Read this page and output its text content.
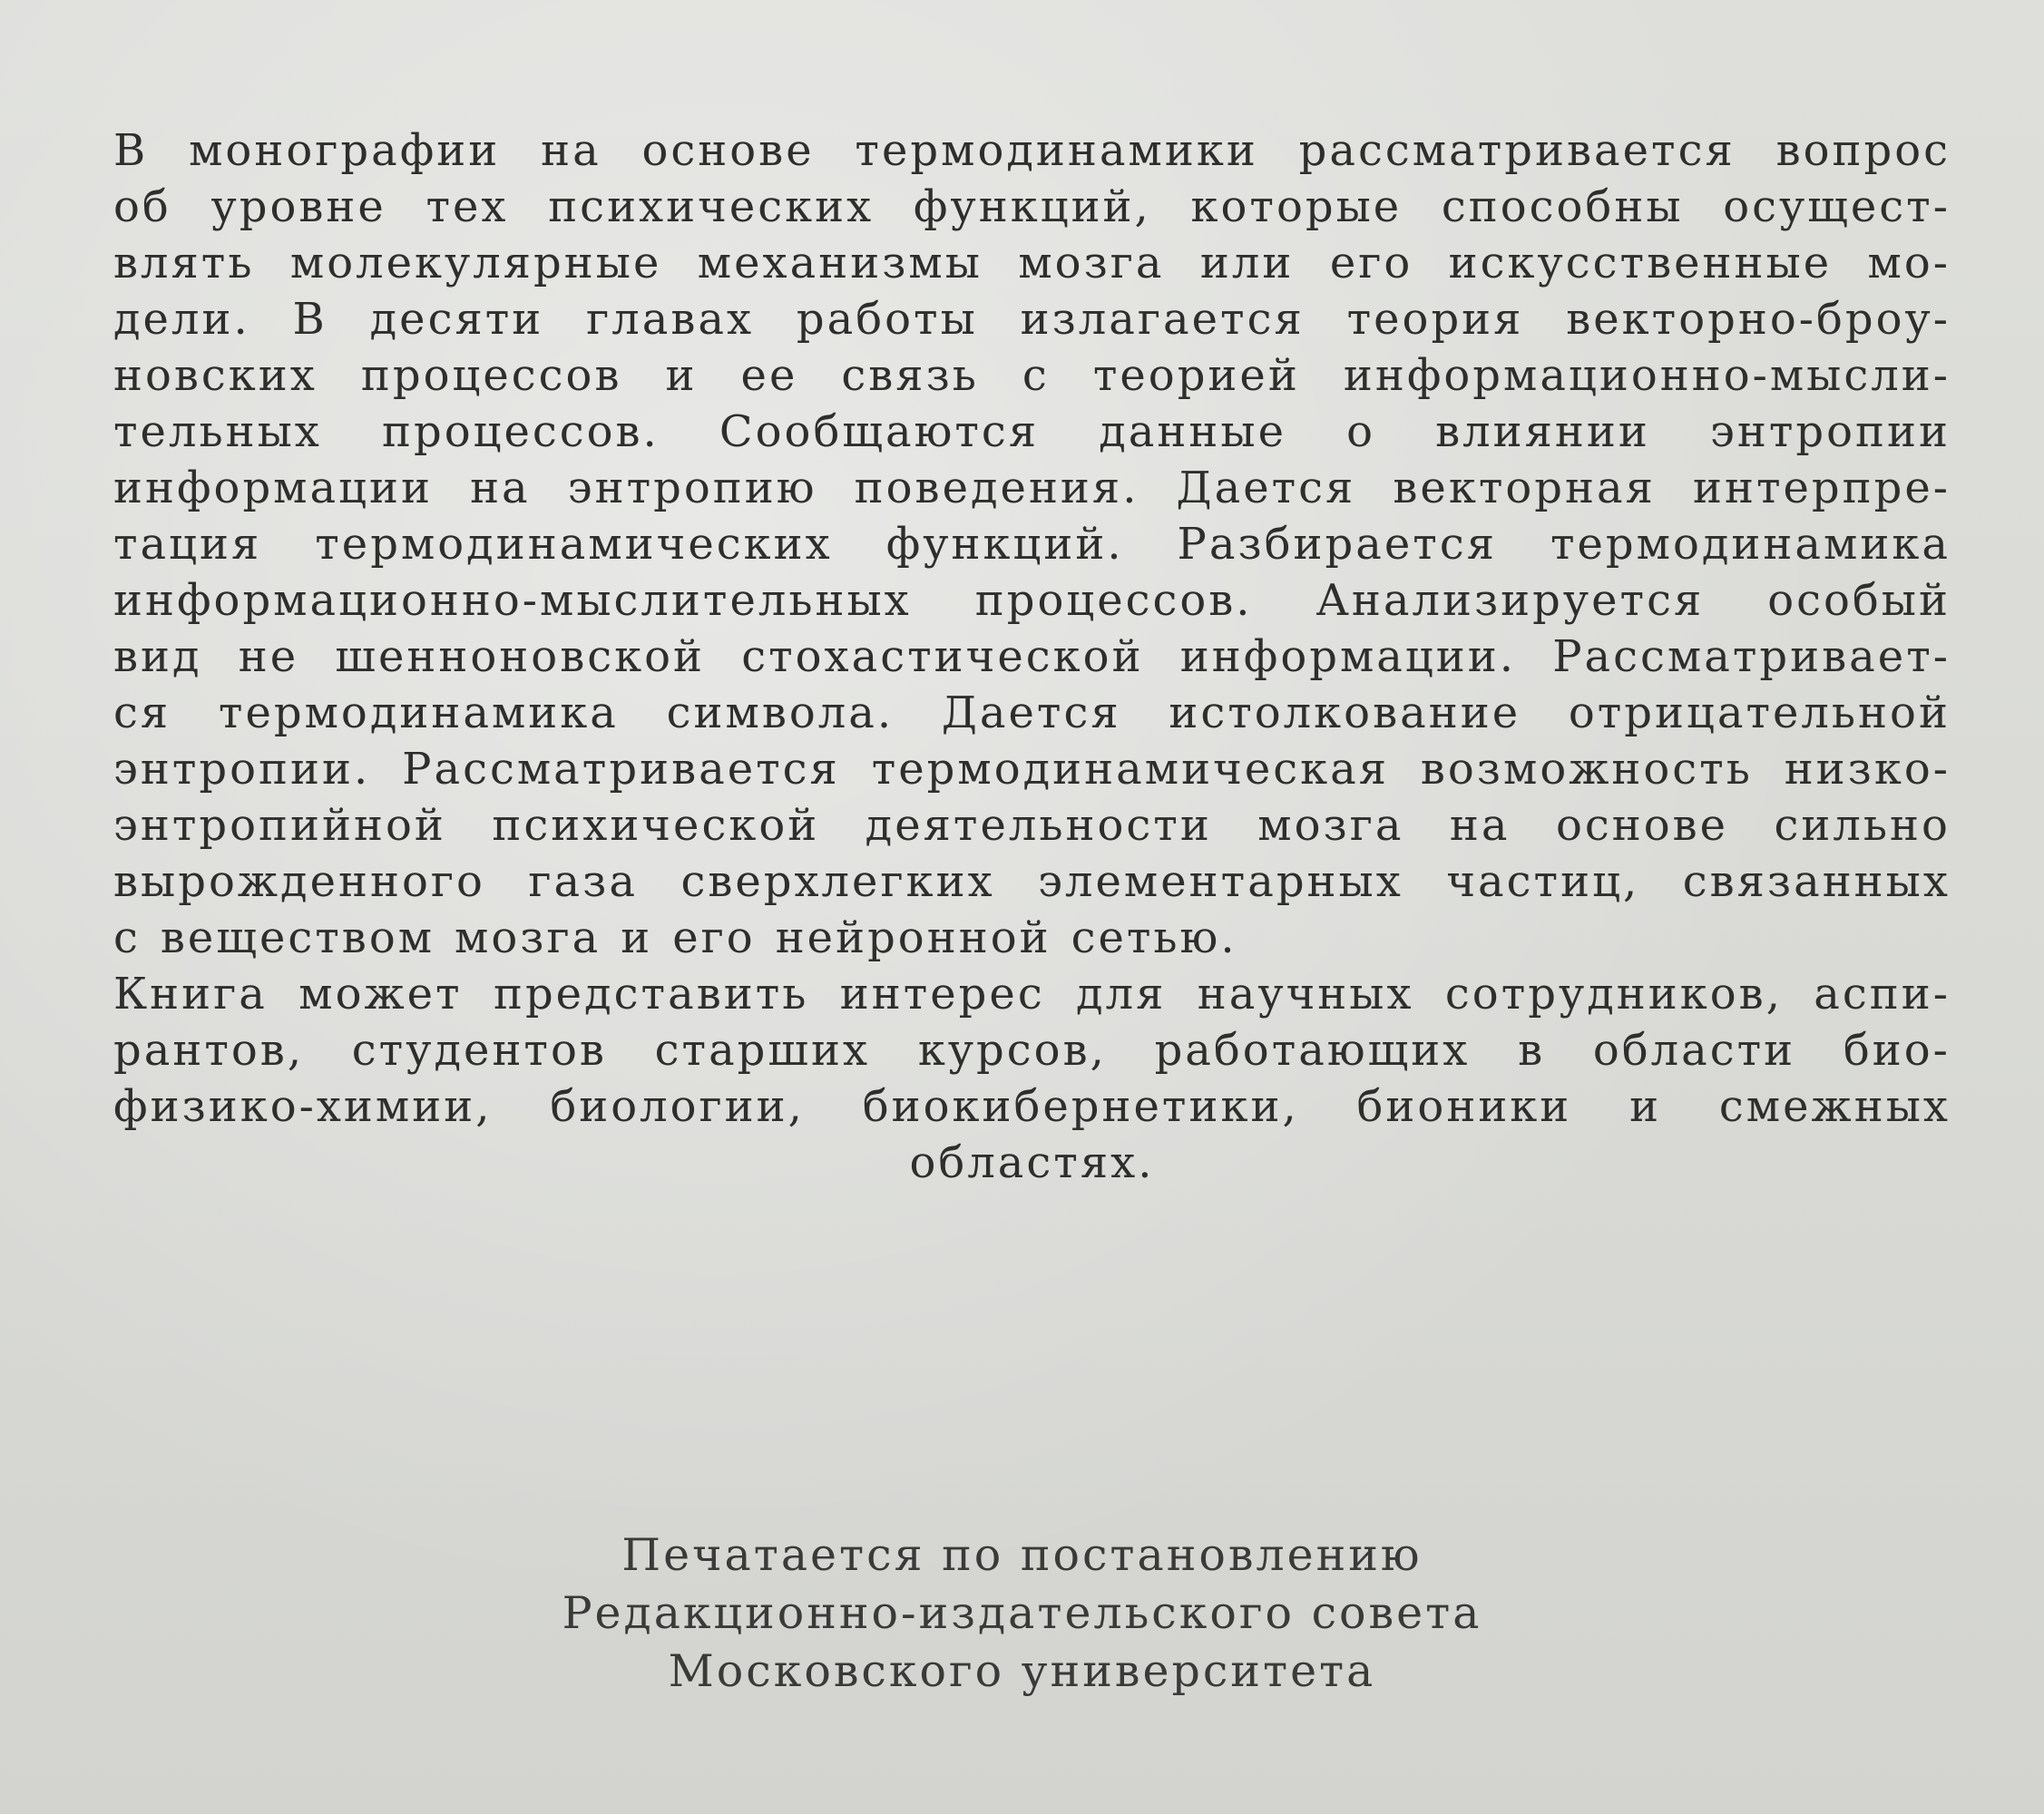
В монографии на основе термодинамики рассматривается вопрос
об уровне тех психических функций, которые способны осущест-
влять молекулярные механизмы мозга или его искусственные мо-
дели. В десяти главах работы излагается теория векторно-броу-
новских процессов и ее связь с теорией информационно-мысли-
тельных процессов. Сообщаются данные о влиянии энтропии
информации на энтропию поведения. Дается векторная интерпре-
тация термодинамических функций. Разбирается термодинамика
информационно-мыслительных процессов. Анализируется особый
вид не шенноновской стохастической информации. Рассматривает-
ся термодинамика символа. Дается истолкование отрицательной
энтропии. Рассматривается термодинамическая возможность низко-
энтропийной психической деятельности мозга на основе сильно
вырожденного газа сверхлегких элементарных частиц, связанных
с веществом мозга и его нейронной сетью.
Книга может представить интерес для научных сотрудников, аспи-
рантов, студентов старших курсов, работающих в области био-
физико-химии, биологии, биокибернетики, бионики и смежных
областях.
Печатается по постановлению
Редакционно-издательского совета
Московского университета
